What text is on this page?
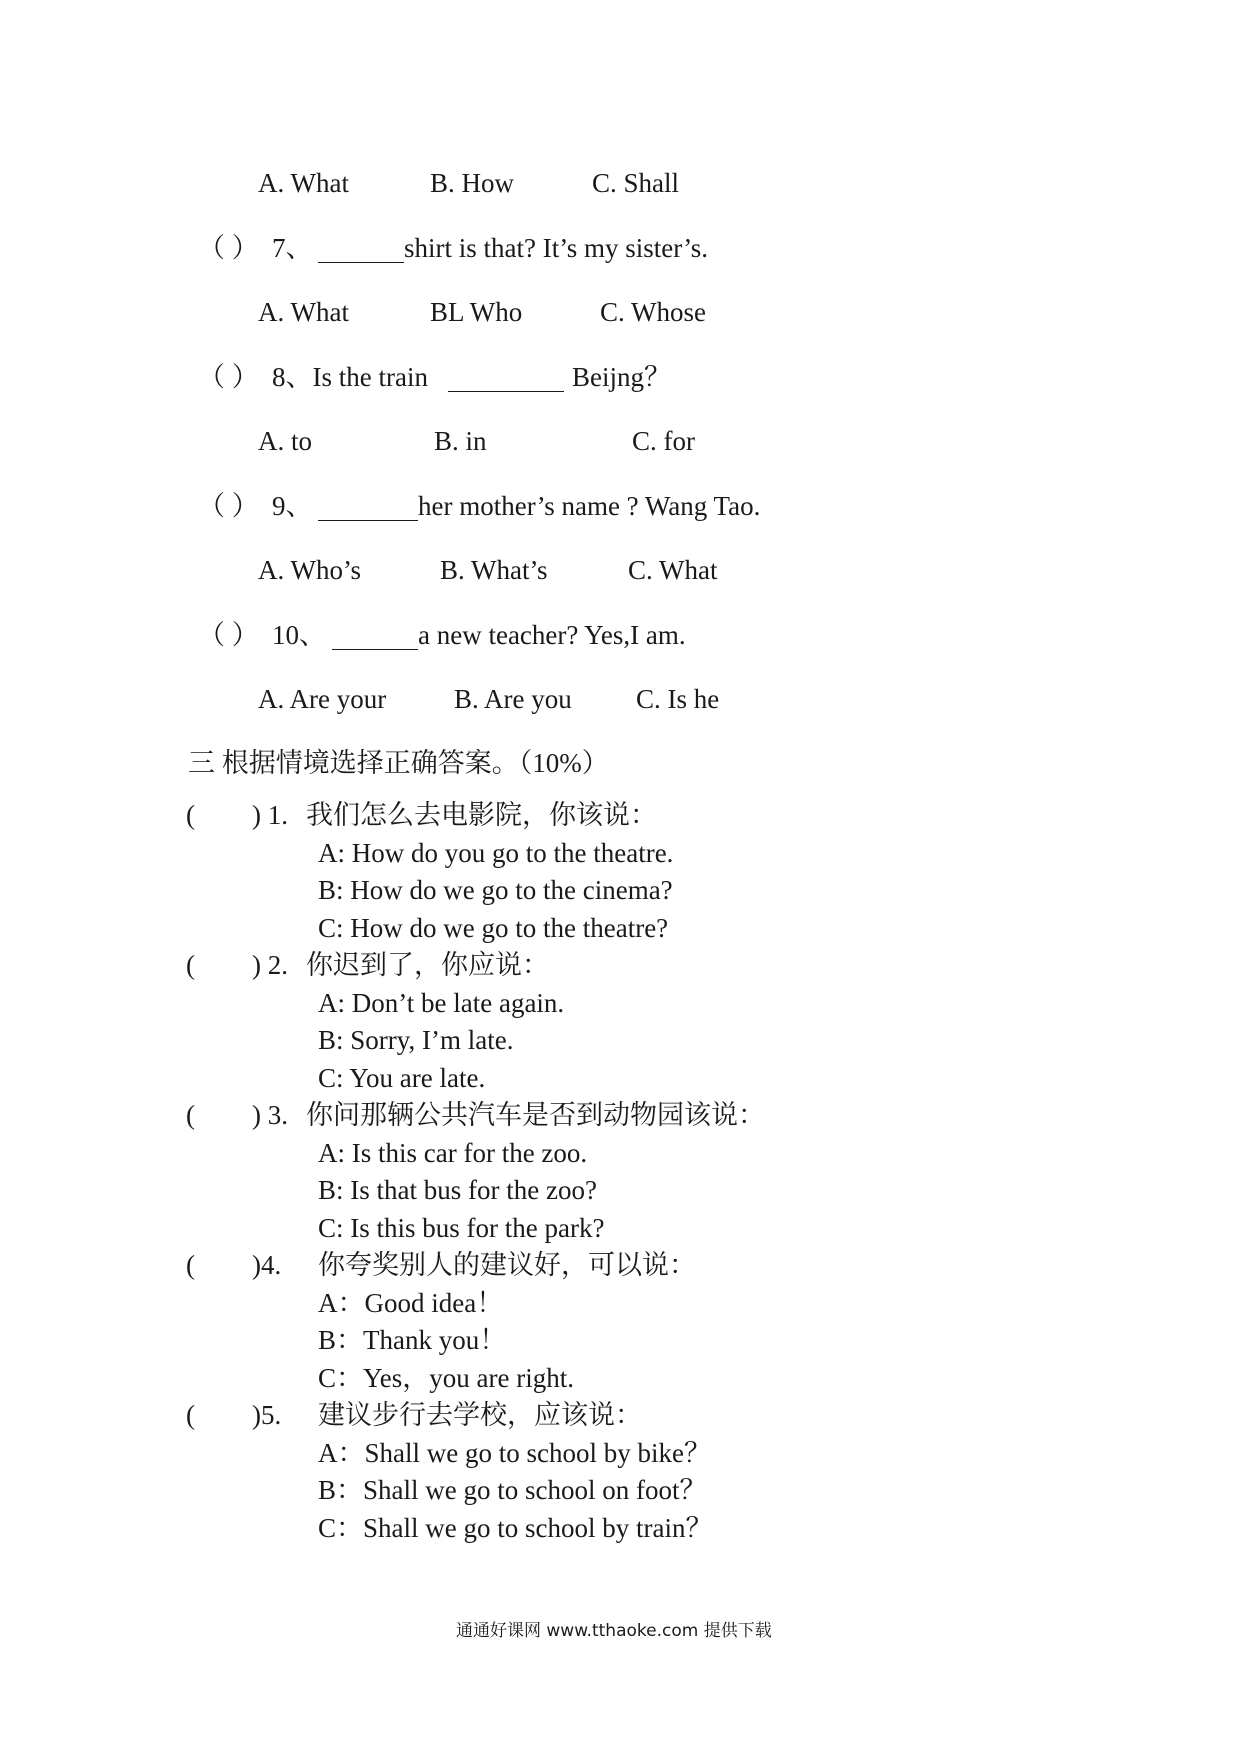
A. What	B. How	C. Shall
（ ） 7、	shirt is that? It’s my sister’s.
A. What	BL Who	C. Whose
（ ） 8、Is the train	Beijng？
A. to	B. in	C. for
（ ） 9、	her mother’s name ? Wang Tao.
A. Who’s	B. What’s	C. What
（ ） 10、	a new teacher? Yes,I am.
A. Are your	B. Are you C. Is he
三 根据情境选择正确答案。（10%）
( ) 1. 我们怎么去电影院，你该说：
A: How do you go to the theatre.
B: How do we go to the cinema?
C: How do we go to the theatre?
( ) 2. 你迟到了，你应说：
A: Don’t be late again.
B: Sorry, I’m late.
C: You are late.
( ) 3. 你问那辆公共汽车是否到动物园该说：
A: Is this car for the zoo.
B: Is that bus for the zoo?
C: Is this bus for the park?
( )4. 你夸奖别人的建议好，可以说：
A：Good idea！
B：Thank you！
C：Yes，you are right.
( )5. 建议步行去学校，应该说：
A：Shall we go to school by bike？
B：Shall we go to school on foot？
C：Shall we go to school by train？
通通好课网 www.tthaoke.com 提供下载
